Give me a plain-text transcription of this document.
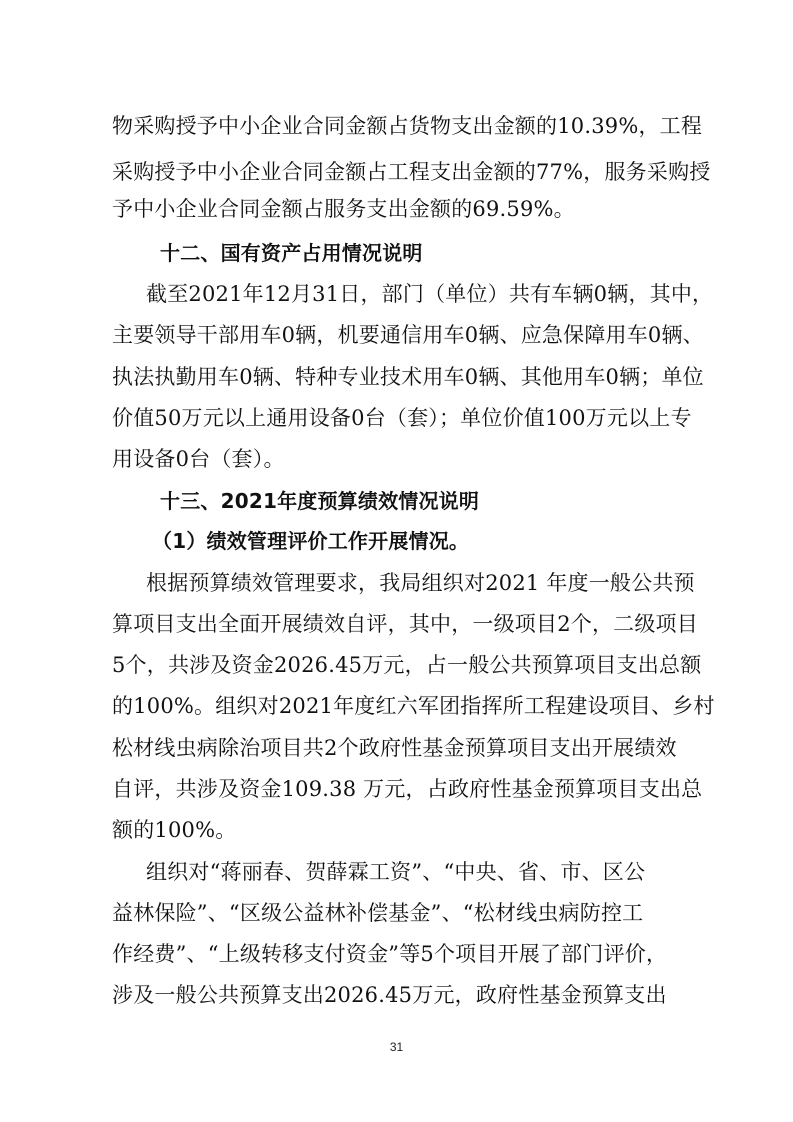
物采购授予中小企业合同金额占货物支出金额的10.39%，工程
采购授予中小企业合同金额占工程支出金额的77%，服务采购授
予中小企业合同金额占服务支出金额的69.59%。
十二、国有资产占用情况说明
截至2021年12月31日，部门（单位）共有车辆0辆，其中，
主要领导干部用车0辆，机要通信用车0辆、应急保障用车0辆、
执法执勤用车0辆、特种专业技术用车0辆、其他用车0辆；单位
价值50万元以上通用设备0台（套）；单位价值100万元以上专
用设备0台（套）。
十三、2021年度预算绩效情况说明
（1）绩效管理评价工作开展情况。
根据预算绩效管理要求，我局组织对2021 年度一般公共预
算项目支出全面开展绩效自评，其中，一级项目2个，二级项目
5个，共涉及资金2026.45万元，占一般公共预算项目支出总额
的100%。组织对2021年度红六军团指挥所工程建设项目、乡村
松材线虫病除治项目共2个政府性基金预算项目支出开展绩效
自评，共涉及资金109.38 万元，占政府性基金预算项目支出总
额的100%。
组织对“蒋丽春、贺薛霖工资”、“中央、省、市、区公
益林保险”、“区级公益林补偿基金”、“松材线虫病防控工
作经费”、“上级转移支付资金”等5个项目开展了部门评价，
涉及一般公共预算支出2026.45万元，政府性基金预算支出
31
